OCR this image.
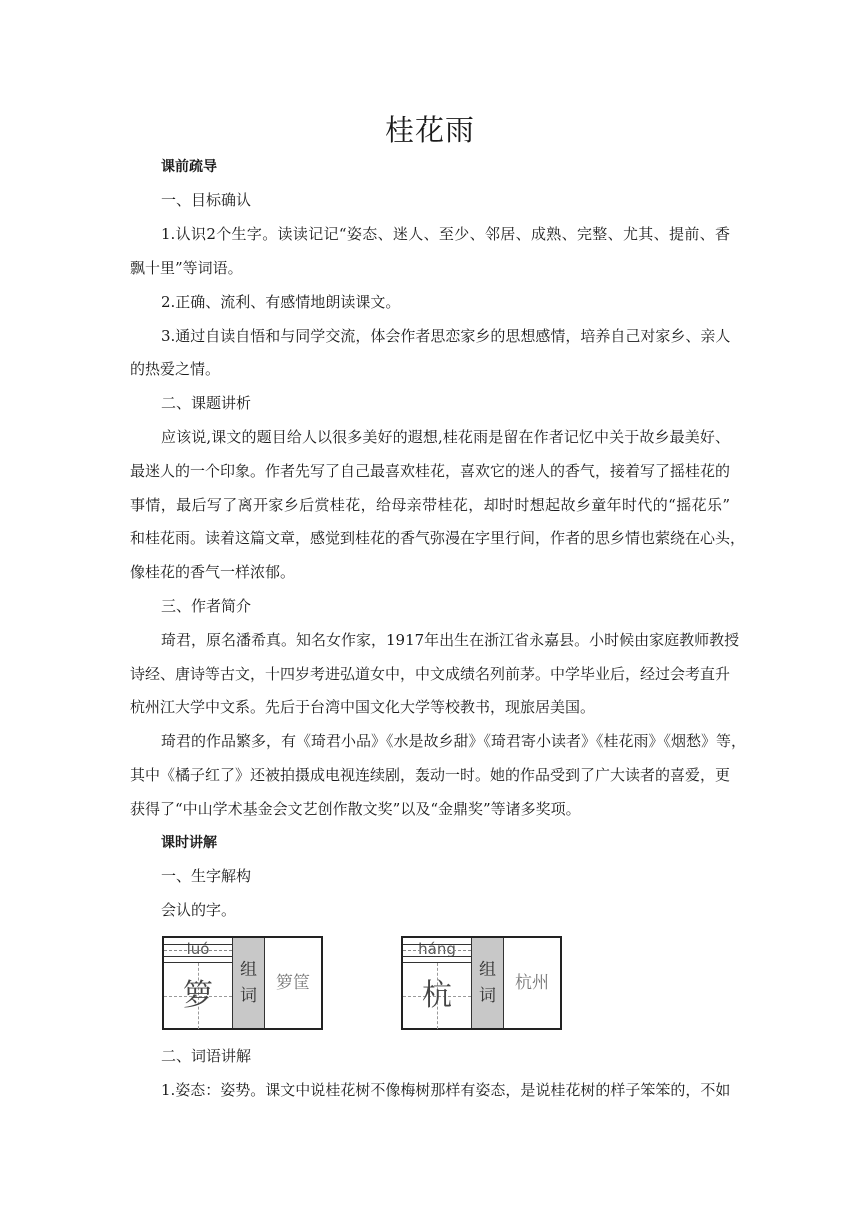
桂花雨
课前疏导
一、目标确认
1.认识2个生字。读读记记“姿态、迷人、至少、邻居、成熟、完整、尤其、提前、香
飘十里”等词语。
2.正确、流利、有感情地朗读课文。
3.通过自读自悟和与同学交流，体会作者思恋家乡的思想感情，培养自己对家乡、亲人
的热爱之情。
二、课题讲析
应该说,课文的题目给人以很多美好的遐想,桂花雨是留在作者记忆中关于故乡最美好、
最迷人的一个印象。作者先写了自己最喜欢桂花，喜欢它的迷人的香气，接着写了摇桂花的
事情，最后写了离开家乡后赏桂花，给母亲带桂花，却时时想起故乡童年时代的“摇花乐”
和桂花雨。读着这篇文章，感觉到桂花的香气弥漫在字里行间，作者的思乡情也萦绕在心头，
像桂花的香气一样浓郁。
三、作者简介
琦君，原名潘希真。知名女作家，1917年出生在浙江省永嘉县。小时候由家庭教师教授
诗经、唐诗等古文，十四岁考进弘道女中，中文成绩名列前茅。中学毕业后，经过会考直升
杭州江大学中文系。先后于台湾中国文化大学等校教书，现旅居美国。
琦君的作品繁多，有《琦君小品》《水是故乡甜》《琦君寄小读者》《桂花雨》《烟愁》等，
其中《橘子红了》还被拍摄成电视连续剧，轰动一时。她的作品受到了广大读者的喜爱，更
获得了“中山学术基金会文艺创作散文奖”以及“金鼎奖”等诸多奖项。
课时讲解
一、生字解构
会认的字。
luó
箩
组
词
箩筐
háng
杭
组
词
杭州
二、词语讲解
1.姿态：姿势。课文中说桂花树不像梅树那样有姿态，是说桂花树的样子笨笨的，不如
